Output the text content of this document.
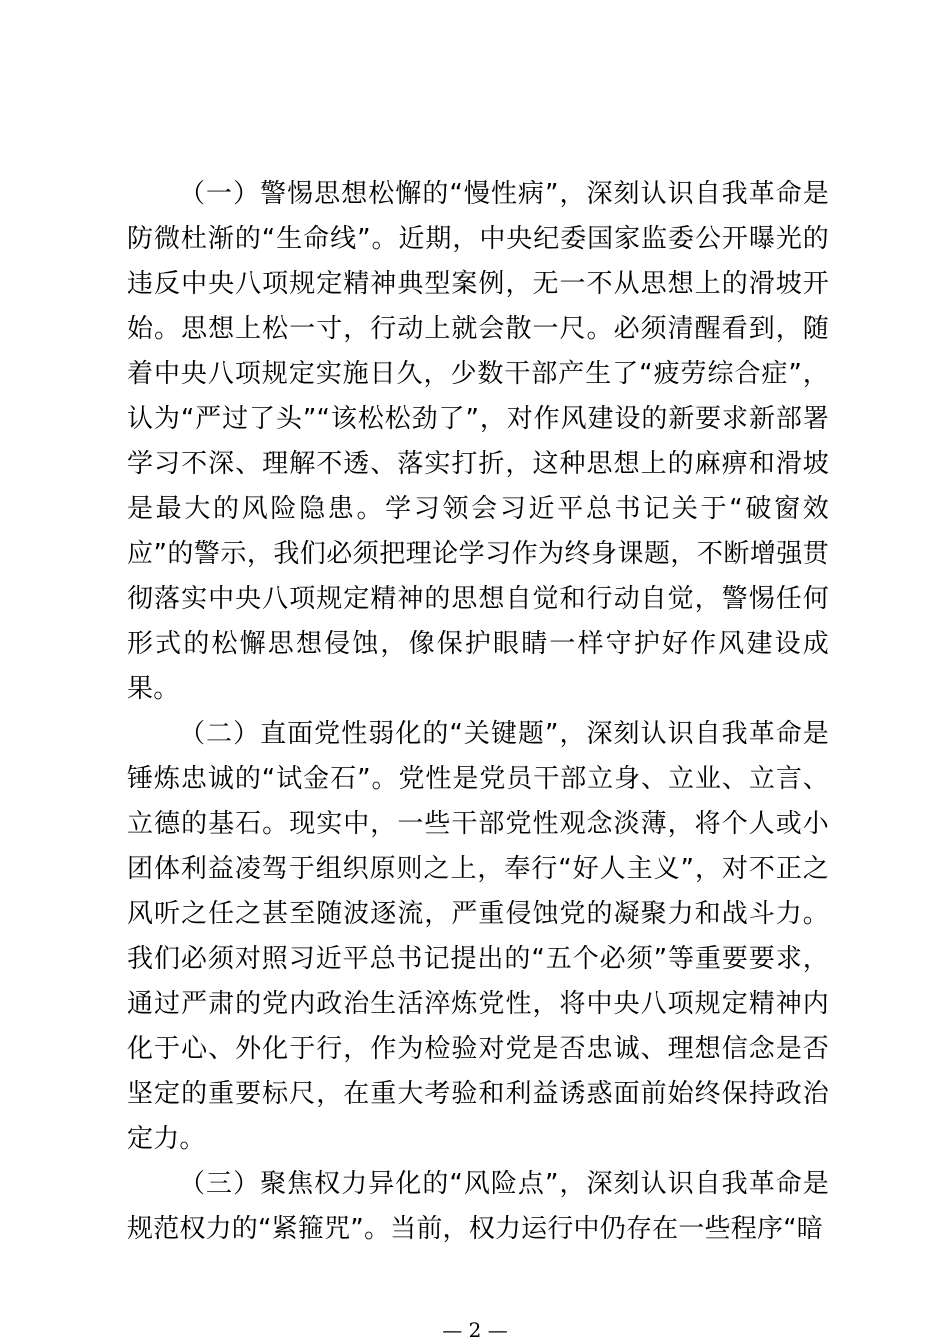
（一）警惕思想松懈的“慢性病”，深刻认识自我革命是防微杜渐的“生命线”。近期，中央纪委国家监委公开曝光的违反中央八项规定精神典型案例，无一不从思想上的滑坡开始。思想上松一寸，行动上就会散一尺。必须清醒看到，随着中央八项规定实施日久，少数干部产生了“疲劳综合症”，认为“严过了头”“该松松劲了”，对作风建设的新要求新部署学习不深、理解不透、落实打折，这种思想上的麻痹和滑坡是最大的风险隐患。学习领会习近平总书记关于“破窗效应”的警示，我们必须把理论学习作为终身课题，不断增强贯彻落实中央八项规定精神的思想自觉和行动自觉，警惕任何形式的松懈思想侵蚀，像保护眼睛一样守护好作风建设成果。

（二）直面党性弱化的“关键题”，深刻认识自我革命是锤炼忠诚的“试金石”。党性是党员干部立身、立业、立言、立德的基石。现实中，一些干部党性观念淡薄，将个人或小团体利益凌驾于组织原则之上，奉行“好人主义”，对不正之风听之任之甚至随波逐流，严重侵蚀党的凝聚力和战斗力。我们必须对照习近平总书记提出的“五个必须”等重要要求，通过严肃的党内政治生活淬炼党性，将中央八项规定精神内化于心、外化于行，作为检验对党是否忠诚、理想信念是否坚定的重要标尺，在重大考验和利益诱惑面前始终保持政治定力。

（三）聚焦权力异化的“风险点”，深刻认识自我革命是规范权力的“紧箍咒”。当前，权力运行中仍存在一些程序“暗

— 2 —
